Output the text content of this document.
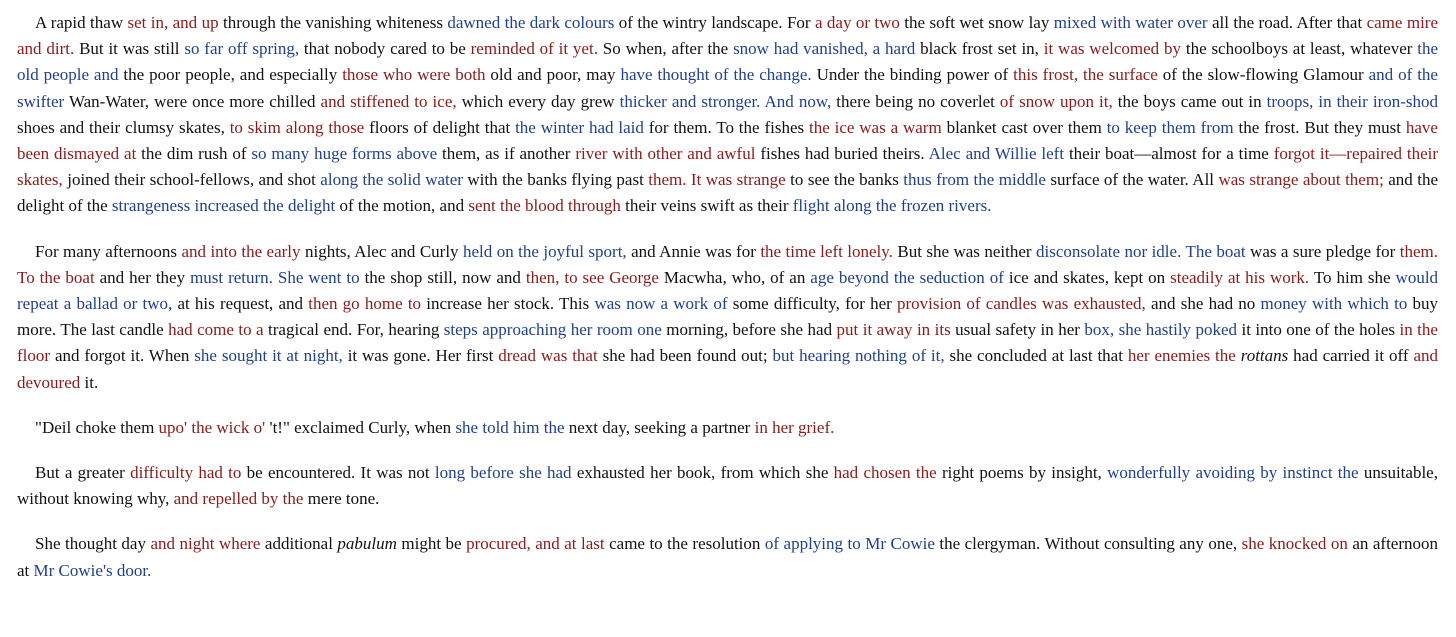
A rapid thaw set in, and up through the vanishing whiteness dawned the dark colours of the wintry landscape. For a day or two the soft wet snow lay mixed with water over all the road. After that came mire and dirt. But it was still so far off spring, that nobody cared to be reminded of it yet. So when, after the snow had vanished, a hard black frost set in, it was welcomed by the schoolboys at least, whatever the old people and the poor people, and especially those who were both old and poor, may have thought of the change. Under the binding power of this frost, the surface of the slow-flowing Glamour and of the swifter Wan-Water, were once more chilled and stiffened to ice, which every day grew thicker and stronger. And now, there being no coverlet of snow upon it, the boys came out in troops, in their iron-shod shoes and their clumsy skates, to skim along those floors of delight that the winter had laid for them. To the fishes the ice was a warm blanket cast over them to keep them from the frost. But they must have been dismayed at the dim rush of so many huge forms above them, as if another river with other and awful fishes had buried theirs. Alec and Willie left their boat—almost for a time forgot it—repaired their skates, joined their school-fellows, and shot along the solid water with the banks flying past them. It was strange to see the banks thus from the middle surface of the water. All was strange about them; and the delight of the strangeness increased the delight of the motion, and sent the blood through their veins swift as their flight along the frozen rivers.

For many afternoons and into the early nights, Alec and Curly held on the joyful sport, and Annie was for the time left lonely. But she was neither disconsolate nor idle. The boat was a sure pledge for them. To the boat and her they must return. She went to the shop still, now and then, to see George Macwha, who, of an age beyond the seduction of ice and skates, kept on steadily at his work. To him she would repeat a ballad or two, at his request, and then go home to increase her stock. This was now a work of some difficulty, for her provision of candles was exhausted, and she had no money with which to buy more. The last candle had come to a tragical end. For, hearing steps approaching her room one morning, before she had put it away in its usual safety in her box, she hastily poked it into one of the holes in the floor and forgot it. When she sought it at night, it was gone. Her first dread was that she had been found out; but hearing nothing of it, she concluded at last that her enemies the rottans had carried it off and devoured it.

"Deil choke them upo' the wick o' 't!" exclaimed Curly, when she told him the next day, seeking a partner in her grief.

But a greater difficulty had to be encountered. It was not long before she had exhausted her book, from which she had chosen the right poems by insight, wonderfully avoiding by instinct the unsuitable, without knowing why, and repelled by the mere tone.

She thought day and night where additional pabulum might be procured, and at last came to the resolution of applying to Mr Cowie the clergyman. Without consulting any one, she knocked on an afternoon at Mr Cowie's door.
